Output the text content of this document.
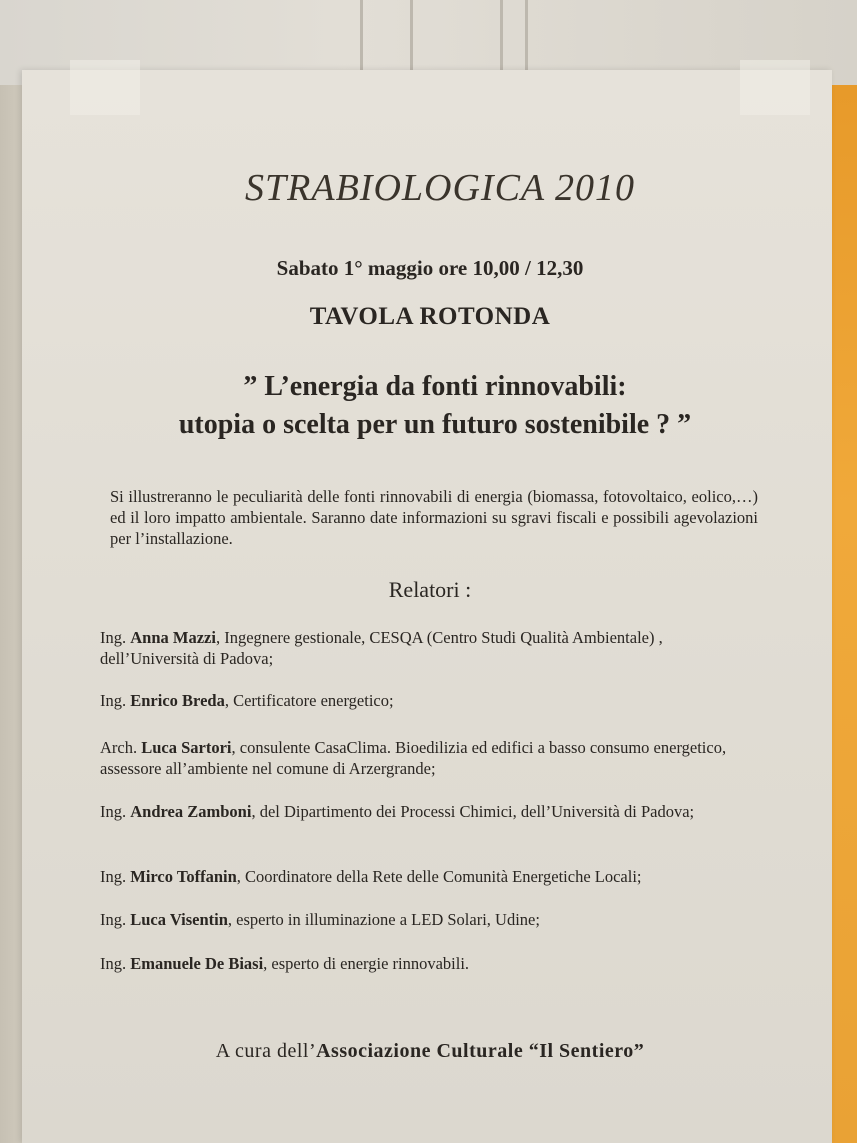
STRABIOLOGICA 2010
Sabato 1° maggio ore 10,00 / 12,30
TAVOLA ROTONDA
” L’energia da fonti rinnovabili:
utopia o scelta per un futuro sostenibile ? ”
Si illustreranno le peculiarità delle fonti rinnovabili di energia (biomassa, fotovoltaico, eolico,…) ed il loro impatto ambientale. Saranno date informazioni su sgravi fiscali e possibili agevolazioni per l’installazione.
Relatori :
Ing. Anna Mazzi, Ingegnere gestionale, CESQA (Centro Studi Qualità Ambientale) , dell’Università di Padova;
Ing. Enrico Breda, Certificatore energetico;
Arch. Luca Sartori, consulente CasaClima. Bioedilizia ed edifici a basso consumo energetico, assessore all’ambiente nel comune di Arzergrande;
Ing. Andrea Zamboni, del Dipartimento dei Processi Chimici, dell’Università di Padova;
Ing. Mirco Toffanin, Coordinatore della Rete delle Comunità Energetiche Locali;
Ing. Luca Visentin, esperto in illuminazione a LED Solari, Udine;
Ing. Emanuele De Biasi, esperto di energie rinnovabili.
A cura dell’Associazione Culturale “Il Sentiero”
